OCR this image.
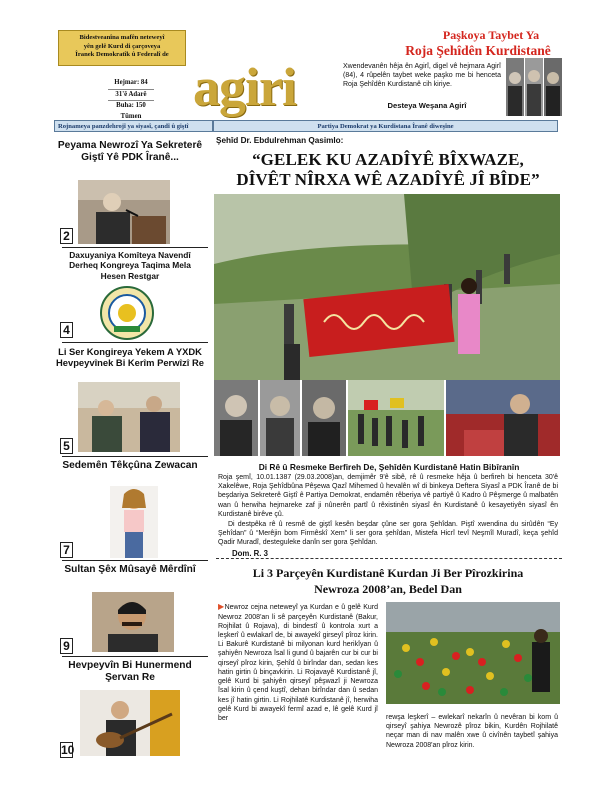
Bidestveanîna mafên neteweyî
yên gelê Kurd di çarçoveya
Îranek Demokratîk û Federalî de
Hejmar: 84
31'ê Adarê
Buha: 150 Tûmen agiri
Paşkoya Taybet Ya
Roja Şehîdên Kurdistanê
Xwendevanên hêja ên Agirî, digel vê hejmara Agirî (84), 4 rûpelên taybet weke paşko me bi henceta Roja Şehîdên Kurdistanê cih kiriye.
Desteya Weşana Agirî
Rojnameya panzdehrojî ya siyasî, çandî û giştî	Partiya Demokrat ya Kurdistana Îranê diweşîne
Peyama Newrozî Ya Sekreterê Giştî Yê PDK Îranê...
2
Daxuyaniya Komîteya Navendî Derheq Kongreya Taqima Mela Hesen Restgar
4
Li Ser Kongireya Yekem A YXDK Hevpeyvînek Bi Kerîm Perwîzî Re
5
Sedemên Têkçûna Zewacan
7
Sultan Şêx Mûsayê Mêrdînî
9
Hevpeyvîn Bi Hunermend Şervan Re
10
Şehîd Dr. Ebdulrehman Qasimlo:
“GELEK KU AZADÎYÊ BÎXWAZE,
DÎVÊT NÎRXA WÊ AZADÎYÊ JÎ BÎDE”
Di Rê û Resmeke Berfireh De, Şehîdên Kurdistanê Hatin Bibîranîn
Roja şemî, 10.01.1387 (29.03.2008)an, demjimêr 9'ê sibê, rê û resmeke hêja û berfireh bi henceta 30'ê Xakelêwe, Roja Şehîdbûna Pêşewa Qazî Mihemed û hevalên wî di binkeya Deftera Siyasî a PDK Îranê de bi beşdariya Sekreterê Giştî ê Partiya Demokrat, endamên rêberiya vê partiyê û Kadro û Pêşmerge û malbatên wan û herwiha hejmareke zaf ji nûnerên partî û rêxistinên siyasî ên Kurdistanê û kesayetiyên siyasî ên Kurdistanê birêve çû.
Di destpêka rê û resmê de giştî kesên beşdar çûne ser gora Şehîdan. Piştî xwendina du sirûdên “Ey Şehîdan” û “Merêjin bom Firmêskî Xem” li ser gora şehîdan, Mistefa Hicrî tevî Neşmîl Muradî, keça şehîd Qadir Muradî, desteguleke danîn ser gora Şehîdan.
Dom. R. 3
Li 3 Parçeyên Kurdistanê Kurdan Ji Ber Pîrozkirina
Newroza 2008’an, Bedel Dan
▶Newroz cejna neteweyî ya Kurdan e û gelê Kurd Newroz 2008'an li sê parçeyên Kurdistanê (Bakur, Rojhilat û Rojava), di bindestî û kontrola xurt a leşkerî û ewlakarî de, bi awayekî girseyî pîroz kirin. Li Bakurê Kurdistanê bi milyonan kurd herikîyan û şahiyên Newroza îsal li gund û bajarên cur bi cur bi qirseyî pîroz kirin, Şehîd û birîndar dan, sedan kes hatin girtin û binçavkirin. Li Rojavayê Kurdistanê jî, gelê Kurd bi şahiyên qirseyî pêşwazî ji Newroza îsal kirin û çend kuştî, dehan birîndar dan û sedan kes jî hatin girtin. Li Rojhilatê Kurdistanê jî, herwiha gelê Kurd bi awayekî fermî azad e, lê gelê Kurd jî ber	rewşa leşkerî – ewlekarî nekarîn û nevêran bi kom û qirseyî şahiya Newrozê pîroz bikin, Kurdên Rojhilatê neçar man di nav malên xwe û civînên taybetî şahiya Newroza 2008'an pîroz kirin.
